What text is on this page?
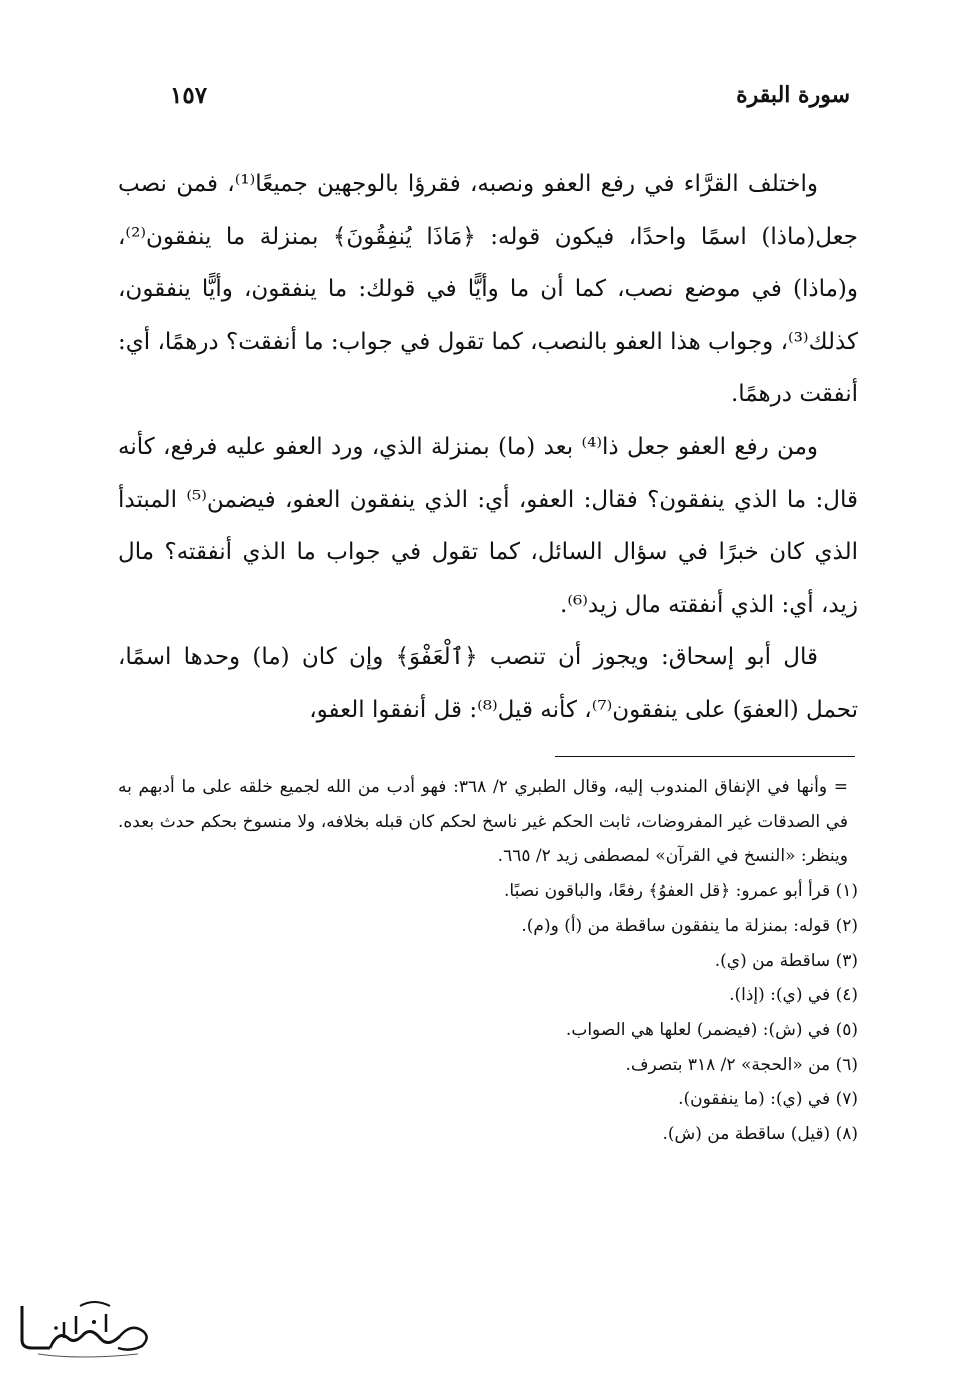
سورة البقرة
١٥٧

واختلف القرَّاء في رفع العفو ونصبه، فقرؤا بالوجهين جميعًا⁽¹⁾، فمن نصب جعل(ماذا) اسمًا واحدًا، فيكون قوله: ﴿مَاذَا يُنفِقُونَ﴾ بمنزلة ما ينفقون⁽²⁾، و(ماذا) في موضع نصب، كما أن ما وأيًّا في قولك: ما ينفقون، وأيًّا ينفقون، كذلك⁽³⁾، وجواب هذا العفو بالنصب، كما تقول في جواب: ما أنفقت؟ درهمًا، أي: أنفقت درهمًا.

ومن رفع العفو جعل ذا⁽⁴⁾ بعد (ما) بمنزلة الذي، ورد العفو عليه فرفع، كأنه قال: ما الذي ينفقون؟ فقال: العفو، أي: الذي ينفقون العفو، فيضمن⁽⁵⁾ المبتدأ الذي كان خبرًا في سؤال السائل، كما تقول في جواب ما الذي أنفقته؟ مال زيد، أي: الذي أنفقته مال زيد⁽⁶⁾.

قال أبو إسحاق: ويجوز أن تنصب ﴿ٱلْعَفْوَ﴾ وإن كان (ما) وحدها اسمًا، تحمل (العفوَ) على ينفقون⁽⁷⁾، كأنه قيل⁽⁸⁾: قل أنفقوا العفو،

= وأنها في الإنفاق المندوب إليه، وقال الطبري ٢/ ٣٦٨: فهو أدب من الله لجميع خلقه على ما أدبهم به في الصدقات غير المفروضات، ثابت الحكم غير ناسخ لحكم كان قبله بخلافه، ولا منسوخ بحكم حدث بعده. وينظر: «النسخ في القرآن» لمصطفى زيد ٢/ ٦٦٥.
(١) قرأ أبو عمرو: ﴿قل العفوُ﴾ رفعًا، والباقون نصبًا.
(٢) قوله: بمنزلة ما ينفقون ساقطة من (أ) و(م).
(٣) ساقطة من (ي).
(٤) في (ي): (إذا).
(٥) في (ش): (فيضمر) لعلها هي الصواب.
(٦) من «الحجة» ٢/ ٣١٨ بتصرف.
(٧) في (ي): (ما ينفقون).
(٨) (قيل) ساقطة من (ش).
